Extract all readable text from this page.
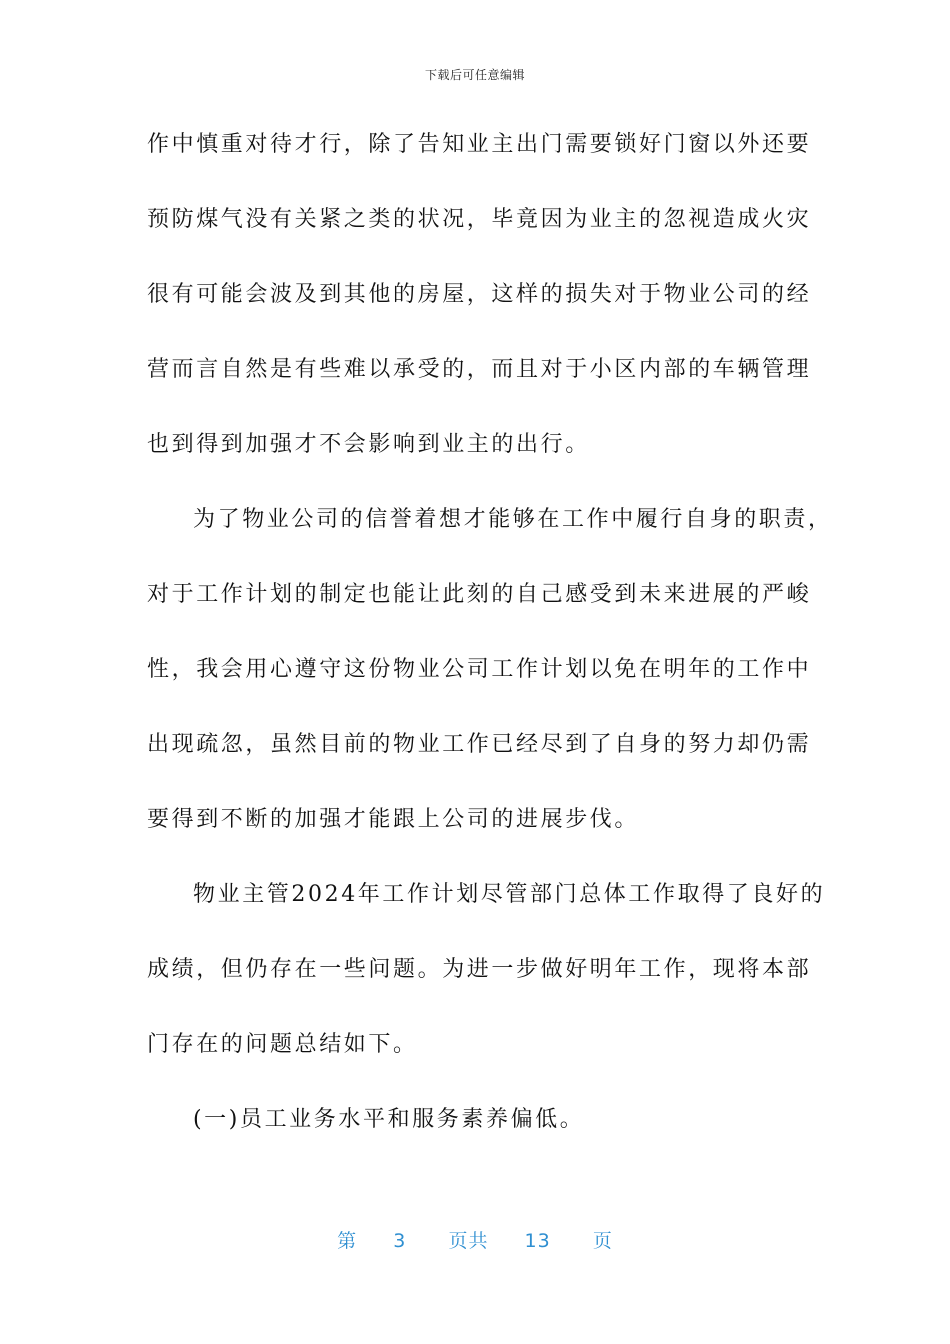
下载后可任意编辑
作中慎重对待才行，除了告知业主出门需要锁好门窗以外还要
预防煤气没有关紧之类的状况，毕竟因为业主的忽视造成火灾
很有可能会波及到其他的房屋，这样的损失对于物业公司的经
营而言自然是有些难以承受的，而且对于小区内部的车辆管理
也到得到加强才不会影响到业主的出行。
为了物业公司的信誉着想才能够在工作中履行自身的职责，
对于工作计划的制定也能让此刻的自己感受到未来进展的严峻
性，我会用心遵守这份物业公司工作计划以免在明年的工作中
出现疏忽，虽然目前的物业工作已经尽到了自身的努力却仍需
要得到不断的加强才能跟上公司的进展步伐。
物业主管2024年工作计划尽管部门总体工作取得了良好的
成绩，但仍存在一些问题。为进一步做好明年工作，现将本部
门存在的问题总结如下。
(一)员工业务水平和服务素养偏低。
第 3 页共 13 页
